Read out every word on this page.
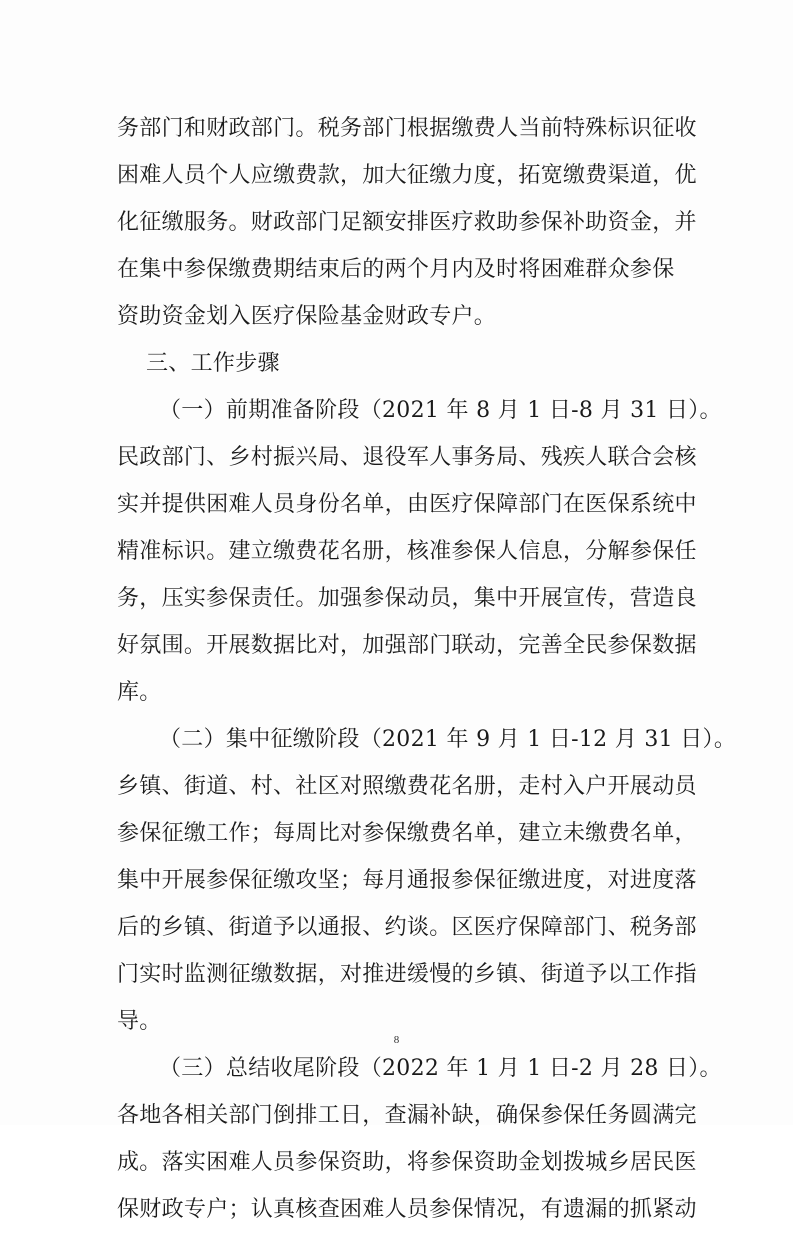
务部门和财政部门。税务部门根据缴费人当前特殊标识征收
困难人员个人应缴费款，加大征缴力度，拓宽缴费渠道，优
化征缴服务。财政部门足额安排医疗救助参保补助资金，并
在集中参保缴费期结束后的两个月内及时将困难群众参保
资助资金划入医疗保险基金财政专户。
三、工作步骤
（一）前期准备阶段（2021 年 8 月 1 日-8 月 31 日）。
民政部门、乡村振兴局、退役军人事务局、残疾人联合会核
实并提供困难人员身份名单，由医疗保障部门在医保系统中
精准标识。建立缴费花名册，核准参保人信息，分解参保任
务，压实参保责任。加强参保动员，集中开展宣传，营造良
好氛围。开展数据比对，加强部门联动，完善全民参保数据
库。
（二）集中征缴阶段（2021 年 9 月 1 日-12 月 31 日）。
乡镇、街道、村、社区对照缴费花名册，走村入户开展动员
参保征缴工作；每周比对参保缴费名单，建立未缴费名单，
集中开展参保征缴攻坚；每月通报参保征缴进度，对进度落
后的乡镇、街道予以通报、约谈。区医疗保障部门、税务部
门实时监测征缴数据，对推进缓慢的乡镇、街道予以工作指
导。
（三）总结收尾阶段（2022 年 1 月 1 日-2 月 28 日）。
各地各相关部门倒排工日，查漏补缺，确保参保任务圆满完
成。落实困难人员参保资助，将参保资助金划拨城乡居民医
保财政专户；认真核查困难人员参保情况，有遗漏的抓紧动
8
